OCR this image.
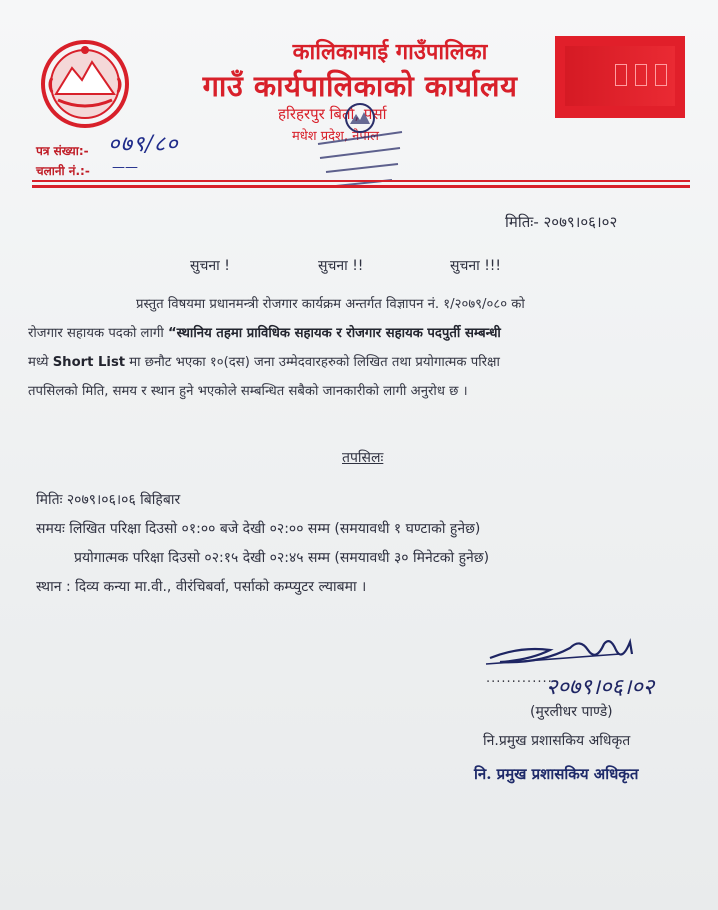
कालिकामाई गाउँपालिका
गाउँ कार्यपालिकाको कार्यालय
हरिहरपुर बिर्ता, पर्सा
मधेश प्रदेश, नेपाल
पत्र संख्या:- ०७९/८०
चलानी नं.:- ——
मितिः- २०७९।०६।०२
सुचना !	सुचना !!	सुचना !!!
प्रस्तुत विषयमा प्रधानमन्त्री रोजगार कार्यक्रम अन्तर्गत विज्ञापन नं. १/२०७९/०८० को
रोजगार सहायक पदको लागी “स्थानिय तहमा प्राविधिक सहायक र रोजगार सहायक पदपुर्ती सम्बन्धी
मध्ये Short List मा छनौट भएका १०(दस) जना उम्मेदवारहरुको लिखित तथा प्रयोगात्मक परिक्षा
तपसिलको मिति, समय र स्थान हुने भएकोले सम्बन्धित सबैको जानकारीको लागी अनुरोध छ ।
तपसिलः
मितिः २०७९।०६।०६ बिहिबार
समयः लिखित परिक्षा दिउसो ०१:०० बजे देखी ०२:०० सम्म (समयावधी १ घण्टाको हुनेछ)
प्रयोगात्मक परिक्षा दिउसो ०२:१५ देखी ०२:४५ सम्म (समयावधी ३० मिनेटको हुनेछ)
स्थान : दिव्य कन्या मा.वी., वीरंचिबर्वा, पर्साको कम्प्युटर ल्याबमा ।
२०७९।०६।०२
..............
(मुरलीधर पाण्डे)
नि.प्रमुख प्रशासकिय अधिकृत
नि. प्रमुख प्रशासकिय अधिकृत
